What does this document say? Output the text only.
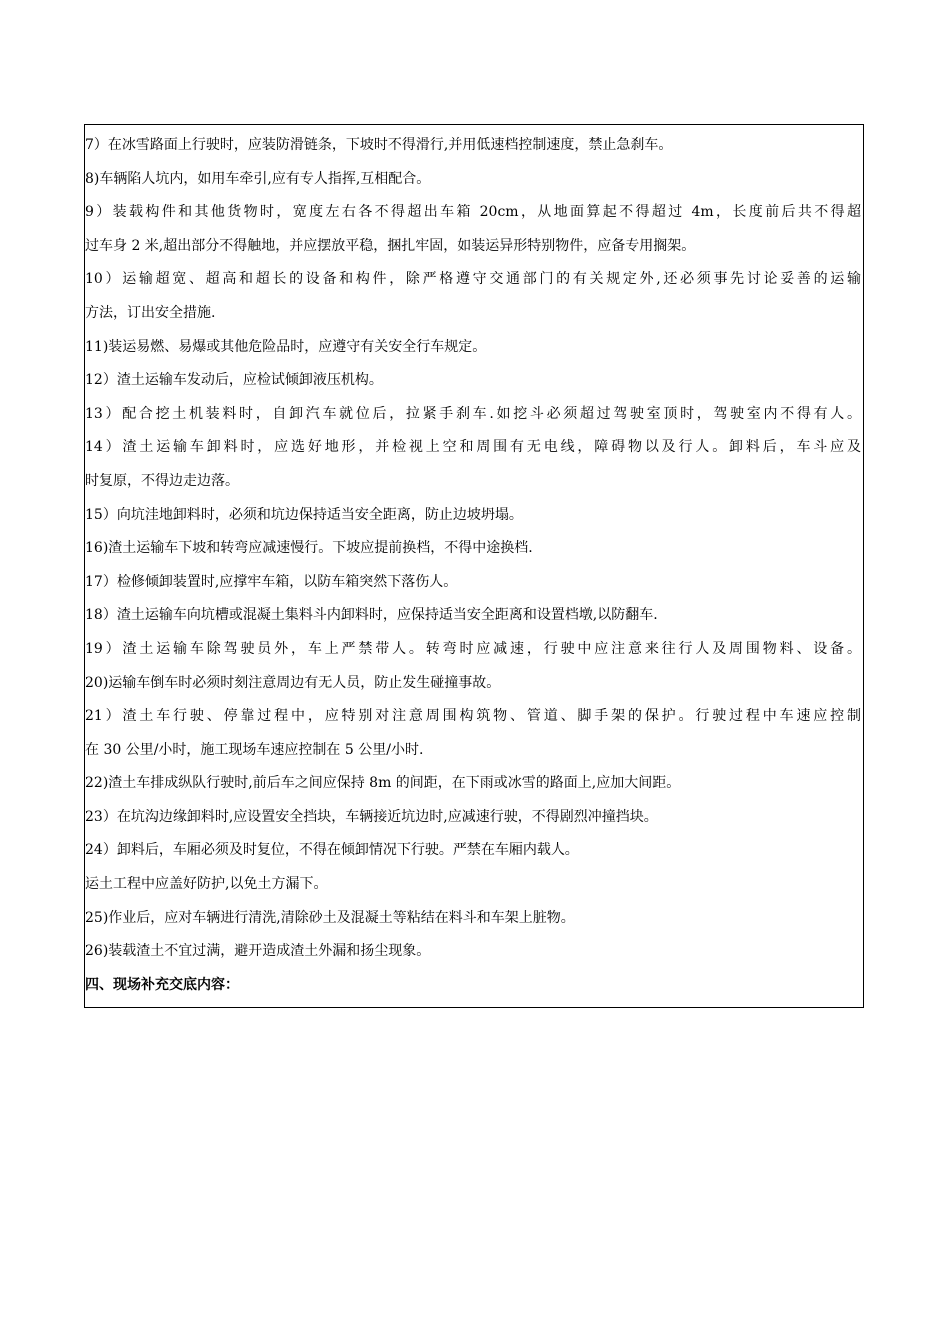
7）在冰雪路面上行驶时，应装防滑链条，下坡时不得滑行,并用低速档控制速度，禁止急刹车。
8)车辆陷人坑内，如用车牵引,应有专人指挥,互相配合。
9）装载构件和其他货物时，宽度左右各不得超出车箱 20cm，从地面算起不得超过 4m，长度前后共不得超
过车身 2 米,超出部分不得触地，并应摆放平稳，捆扎牢固，如装运异形特别物件，应备专用搁架。
10）运输超宽、超高和超长的设备和构件，除严格遵守交通部门的有关规定外,还必须事先讨论妥善的运输
方法，订出安全措施.
11)装运易燃、易爆或其他危险品时，应遵守有关安全行车规定。
12）渣土运输车发动后，应检试倾卸液压机构。
13）配合挖土机装料时，自卸汽车就位后，拉紧手刹车.如挖斗必须超过驾驶室顶时，驾驶室内不得有人。
14）渣土运输车卸料时，应选好地形，并检视上空和周围有无电线，障碍物以及行人。卸料后，车斗应及
时复原，不得边走边落。
15）向坑洼地卸料时，必须和坑边保持适当安全距离，防止边坡坍塌。
16)渣土运输车下坡和转弯应减速慢行。下坡应提前换档，不得中途换档.
17）检修倾卸装置时,应撑牢车箱，以防车箱突然下落伤人。
18）渣土运输车向坑槽或混凝土集料斗内卸料时，应保持适当安全距离和设置档墩,以防翻车.
19）渣土运输车除驾驶员外，车上严禁带人。转弯时应减速，行驶中应注意来往行人及周围物料、设备。
20)运输车倒车时必须时刻注意周边有无人员，防止发生碰撞事故。
21）渣土车行驶、停靠过程中，应特别对注意周围构筑物、管道、脚手架的保护。行驶过程中车速应控制
在 30 公里/小时，施工现场车速应控制在 5 公里/小时.
22)渣土车排成纵队行驶时,前后车之间应保持 8m 的间距，在下雨或冰雪的路面上,应加大间距。
23）在坑沟边缘卸料时,应设置安全挡块，车辆接近坑边时,应减速行驶，不得剧烈冲撞挡块。
24）卸料后，车厢必须及时复位，不得在倾卸情况下行驶。严禁在车厢内载人。
运土工程中应盖好防护,以免土方漏下。
25)作业后，应对车辆进行清洗,清除砂土及混凝土等粘结在料斗和车架上脏物。
26)装载渣土不宜过满，避开造成渣土外漏和扬尘现象。
四、现场补充交底内容：
